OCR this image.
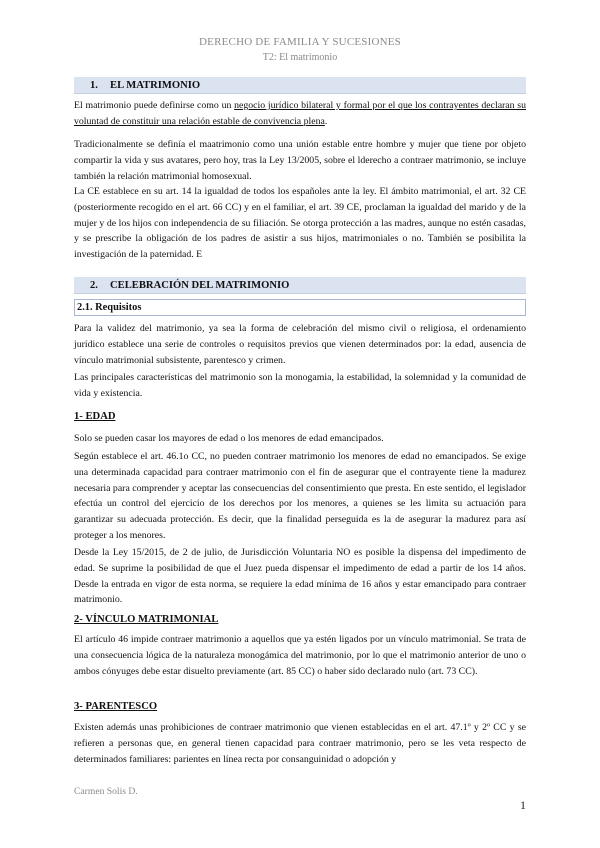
DERECHO DE FAMILIA Y SUCESIONES
T2: El matrimonio
1. EL MATRIMONIO

El matrimonio puede definirse como un negocio jurídico bilateral y formal por el que los contrayentes declaran su voluntad de constituir una relación estable de convivencia plena.

Tradicionalmente se definía el maatrimonio como una unión estable entre hombre y mujer que tiene por objeto compartir la vida y sus avatares, pero hoy, tras la Ley 13/2005, sobre el lderecho a contraer matrimonio, se incluye también la relación matrimonial homosexual.

La CE establece en su art. 14 la igualdad de todos los españoles ante la ley. El ámbito matrimonial, el art. 32 CE (posteriormente recogido en el art. 66 CC) y en el familiar, el art. 39 CE, proclaman la igualdad del marido y de la mujer y de los hijos con independencia de su filiación. Se otorga protección a las madres, aunque no estén casadas, y se prescribe la obligación de los padres de asistir a sus hijos, matrimoniales o no. También se posibilita la investigación de la paternidad. E

2. CELEBRACIÓN DEL MATRIMONIO
2.1. Requisitos

Para la validez del matrimonio, ya sea la forma de celebración del mismo civil o religiosa, el ordenamiento jurídico establece una serie de controles o requisitos previos que vienen determinados por: la edad, ausencia de vínculo matrimonial subsistente, parentesco y crimen.

Las principales características del matrimonio son la monogamia, la estabilidad, la solemnidad y la comunidad de vida y existencia.

1- EDAD

Solo se pueden casar los mayores de edad o los menores de edad emancipados.

Según establece el art. 46.1o CC, no pueden contraer matrimonio los menores de edad no emancipados. Se exige una determinada capacidad para contraer matrimonio con el fin de asegurar que el contrayente tiene la madurez necesaria para comprender y aceptar las consecuencias del consentimiento que presta. En este sentido, el legislador efectúa un control del ejercicio de los derechos por los menores, a quienes se les limita su actuación para garantizar su adecuada protección. Es decir, que la finalidad perseguida es la de asegurar la madurez para así proteger a los menores.

Desde la Ley 15/2015, de 2 de julio, de Jurisdicción Voluntaria NO es posible la dispensa del impedimento de edad. Se suprime la posibilidad de que el Juez pueda dispensar el impedimento de edad a partir de los 14 años. Desde la entrada en vigor de esta norma, se requiere la edad mínima de 16 años y estar emancipado para contraer matrimonio.

2- VÍNCULO MATRIMONIAL

El artículo 46 impide contraer matrimonio a aquellos que ya estén ligados por un vínculo matrimonial. Se trata de una consecuencia lógica de la naturaleza monogámica del matrimonio, por lo que el matrimonio anterior de uno o ambos cónyuges debe estar disuelto previamente (art. 85 CC) o haber sido declarado nulo (art. 73 CC).

3- PARENTESCO

Existen además unas prohibiciones de contraer matrimonio que vienen establecidas en el art. 47.1º y 2º CC y se refieren a personas que, en general tienen capacidad para contraer matrimonio, pero se les veta respecto de determinados familiares: parientes en línea recta por consanguinidad o adopción y

Carmen Solis D.
1
